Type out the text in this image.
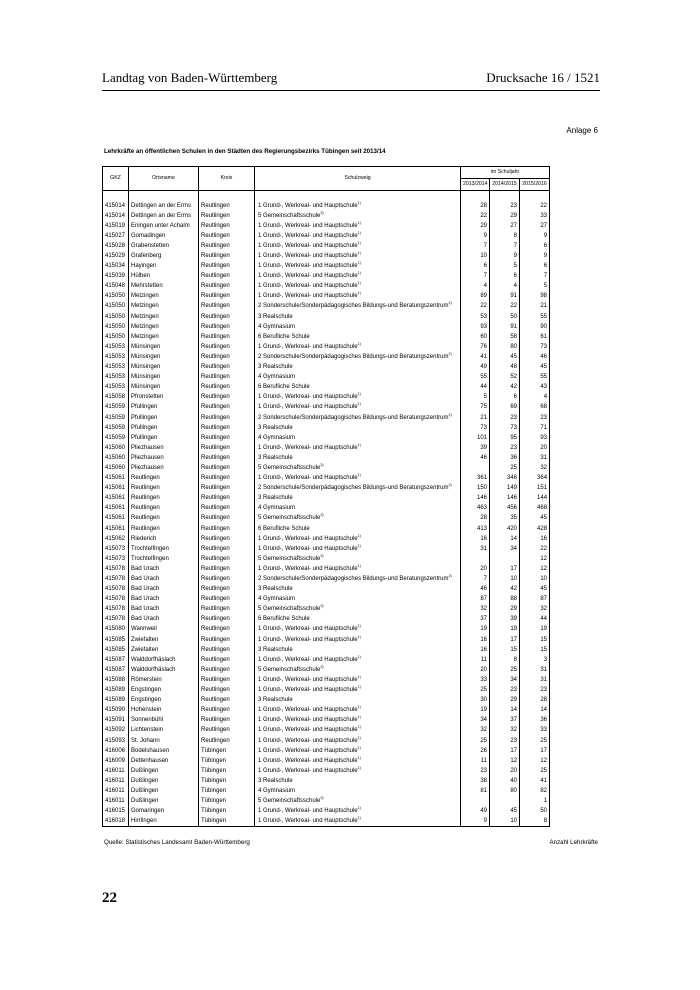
Landtag von Baden-Württemberg	Drucksache 16 / 1521
Anlage 6
Lehrkräfte an öffentlichen Schulen in den Städten des Regierungsbezirks Tübingen seit 2013/14
GKZ	Ortsname	Kreis	Schulzweig	im Schuljahr		
				2013/2014	2014/2015	2015/2016

415014	Dettingen an der Erms	Reutlingen	1 Grund-, Werkreal- und Hauptschule$^{1)}$	28	23	22
415014	Dettingen an der Erms	Reutlingen	5 Gemeinschaftsschule$^{3)}$	22	29	33
415019	Eningen unter Achalm	Reutlingen	1 Grund-, Werkreal- und Hauptschule$^{1)}$	29	27	27
415027	Gomadingen	Reutlingen	1 Grund-, Werkreal- und Hauptschule$^{1)}$	9	8	9
415028	Grabenstetten	Reutlingen	1 Grund-, Werkreal- und Hauptschule$^{1)}$	7	7	6
415029	Grafenberg	Reutlingen	1 Grund-, Werkreal- und Hauptschule$^{1)}$	10	9	9
415034	Hayingen	Reutlingen	1 Grund-, Werkreal- und Hauptschule$^{1)}$	6	5	6
415039	Hülben	Reutlingen	1 Grund-, Werkreal- und Hauptschule$^{1)}$	7	6	7
415048	Mehrstetten	Reutlingen	1 Grund-, Werkreal- und Hauptschule$^{1)}$	4	4	5
415050	Metzingen	Reutlingen	1 Grund-, Werkreal- und Hauptschule$^{1)}$	89	91	98
415050	Metzingen	Reutlingen	2 Sonderschule/Sonderpädagogisches Bildungs-und Beratungszentrum$^{2)}$	22	22	21
415050	Metzingen	Reutlingen	3 Realschule	53	50	55
415050	Metzingen	Reutlingen	4 Gymnasium	93	91	90
415050	Metzingen	Reutlingen	6 Berufliche Schule	60	58	61
415053	Münsingen	Reutlingen	1 Grund-, Werkreal- und Hauptschule$^{1)}$	76	80	73
415053	Münsingen	Reutlingen	2 Sonderschule/Sonderpädagogisches Bildungs-und Beratungszentrum$^{2)}$	41	45	46
415053	Münsingen	Reutlingen	3 Realschule	49	48	45
415053	Münsingen	Reutlingen	4 Gymnasium	55	52	55
415053	Münsingen	Reutlingen	6 Berufliche Schule	44	42	43
415058	Pfronstetten	Reutlingen	1 Grund-, Werkreal- und Hauptschule$^{1)}$	5	6	4
415059	Pfullingen	Reutlingen	1 Grund-, Werkreal- und Hauptschule$^{1)}$	75	69	68
415059	Pfullingen	Reutlingen	2 Sonderschule/Sonderpädagogisches Bildungs-und Beratungszentrum$^{2)}$	21	23	23
415059	Pfullingen	Reutlingen	3 Realschule	73	73	71
415059	Pfullingen	Reutlingen	4 Gymnasium	101	95	93
415060	Pliezhausen	Reutlingen	1 Grund-, Werkreal- und Hauptschule$^{1)}$	39	23	20
415060	Pliezhausen	Reutlingen	3 Realschule	46	36	31
415060	Pliezhausen	Reutlingen	5 Gemeinschaftsschule$^{3)}$		25	32
415061	Reutlingen	Reutlingen	1 Grund-, Werkreal- und Hauptschule$^{1)}$	361	346	364
415061	Reutlingen	Reutlingen	2 Sonderschule/Sonderpädagogisches Bildungs-und Beratungszentrum$^{2)}$	150	149	151
415061	Reutlingen	Reutlingen	3 Realschule	146	146	144
415061	Reutlingen	Reutlingen	4 Gymnasium	463	456	468
415061	Reutlingen	Reutlingen	5 Gemeinschaftsschule$^{3)}$	28	35	45
415061	Reutlingen	Reutlingen	6 Berufliche Schule	413	420	428
415062	Riederich	Reutlingen	1 Grund-, Werkreal- und Hauptschule$^{1)}$	16	14	16
415073	Trochtelfingen	Reutlingen	1 Grund-, Werkreal- und Hauptschule$^{1)}$	31	34	22
415073	Trochtelfingen	Reutlingen	5 Gemeinschaftsschule$^{3)}$			12
415078	Bad Urach	Reutlingen	1 Grund-, Werkreal- und Hauptschule$^{1)}$	20	17	12
415078	Bad Urach	Reutlingen	2 Sonderschule/Sonderpädagogisches Bildungs-und Beratungszentrum$^{2)}$	7	10	10
415078	Bad Urach	Reutlingen	3 Realschule	46	42	45
415078	Bad Urach	Reutlingen	4 Gymnasium	87	88	87
415078	Bad Urach	Reutlingen	5 Gemeinschaftsschule$^{3)}$	32	29	32
415078	Bad Urach	Reutlingen	6 Berufliche Schule	37	39	44
415080	Wannweil	Reutlingen	1 Grund-, Werkreal- und Hauptschule$^{1)}$	19	19	19
415085	Zwiefalten	Reutlingen	1 Grund-, Werkreal- und Hauptschule$^{1)}$	16	17	15
415085	Zwiefalten	Reutlingen	3 Realschule	16	15	15
415087	Walddorfhäslach	Reutlingen	1 Grund-, Werkreal- und Hauptschule$^{1)}$	11	8	3
415087	Walddorfhäslach	Reutlingen	5 Gemeinschaftsschule$^{3)}$	20	25	31
415088	Römerstein	Reutlingen	1 Grund-, Werkreal- und Hauptschule$^{1)}$	33	34	31
415089	Engstingen	Reutlingen	1 Grund-, Werkreal- und Hauptschule$^{1)}$	25	23	23
415089	Engstingen	Reutlingen	3 Realschule	30	29	28
415090	Hohenstein	Reutlingen	1 Grund-, Werkreal- und Hauptschule$^{1)}$	19	14	14
415091	Sonnenbühl	Reutlingen	1 Grund-, Werkreal- und Hauptschule$^{1)}$	34	37	36
415092	Lichtenstein	Reutlingen	1 Grund-, Werkreal- und Hauptschule$^{1)}$	32	32	33
415093	St. Johann	Reutlingen	1 Grund-, Werkreal- und Hauptschule$^{1)}$	25	23	25
416006	Bodelshausen	Tübingen	1 Grund-, Werkreal- und Hauptschule$^{1)}$	26	17	17
416009	Dettenhausen	Tübingen	1 Grund-, Werkreal- und Hauptschule$^{1)}$	11	12	12
416011	Dußlingen	Tübingen	1 Grund-, Werkreal- und Hauptschule$^{1)}$	23	20	25
416011	Dußlingen	Tübingen	3 Realschule	38	40	41
416011	Dußlingen	Tübingen	4 Gymnasium	81	80	82
416011	Dußlingen	Tübingen	5 Gemeinschaftsschule$^{3)}$			1
416015	Gomaringen	Tübingen	1 Grund-, Werkreal- und Hauptschule$^{1)}$	49	45	50
416018	Hirrlingen	Tübingen	1 Grund-, Werkreal- und Hauptschule$^{1)}$	9	10	8
Quelle: Statistisches Landesamt Baden-Württemberg	Anzahl Lehrkräfte
22
